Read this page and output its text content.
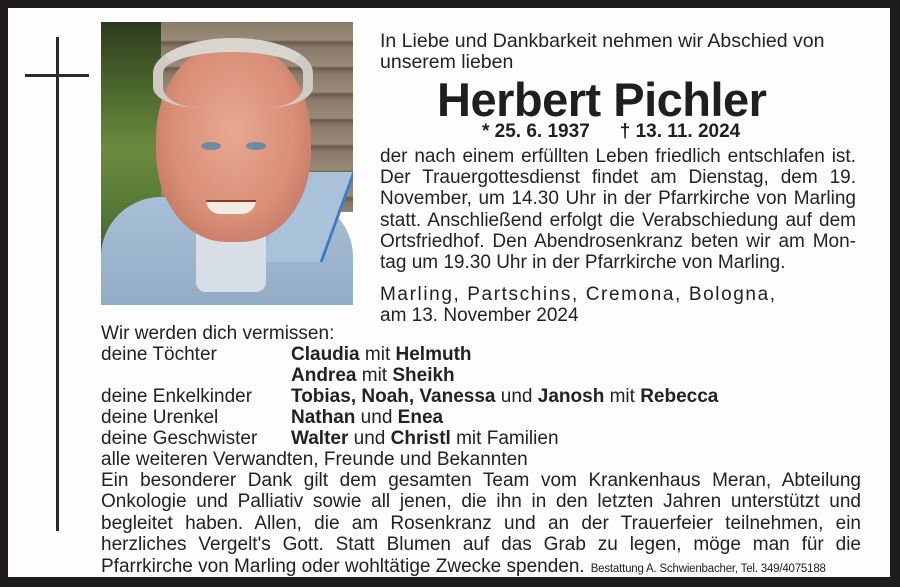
In Liebe und Dankbarkeit nehmen wir Abschied von
unserem lieben
Herbert Pichler
* 25. 6. 1937 † 13. 11. 2024
der nach einem erfüllten Leben friedlich entschlafen ist.
Der Trauergottesdienst findet am Dienstag, dem 19.
November, um 14.30 Uhr in der Pfarrkirche von Marling
statt. Anschließend erfolgt die Verabschiedung auf dem
Ortsfriedhof. Den Abendrosenkranz beten wir am Mon-
tag um 19.30 Uhr in der Pfarrkirche von Marling.
Marling, Partschins, Cremona, Bologna,
am 13. November 2024
Wir werden dich vermissen:
deine Töchter	Claudia mit Helmuth
Andrea mit Sheikh
deine Enkelkinder Tobias, Noah, Vanessa und Janosh mit Rebecca
deine Urenkel	Nathan und Enea
deine Geschwister Walter und Christl mit Familien
alle weiteren Verwandten, Freunde und Bekannten
Ein besonderer Dank gilt dem gesamten Team vom Krankenhaus Meran, Abteilung
Onkologie und Palliativ sowie all jenen, die ihn in den letzten Jahren unterstützt und
begleitet haben. Allen, die am Rosenkranz und an der Trauerfeier teilnehmen, ein
herzliches Vergelt's Gott. Statt Blumen auf das Grab zu legen, möge man für die
Pfarrkirche von Marling oder wohltätige Zwecke spenden. Bestattung A. Schwienbacher, Tel. 349/4075188
